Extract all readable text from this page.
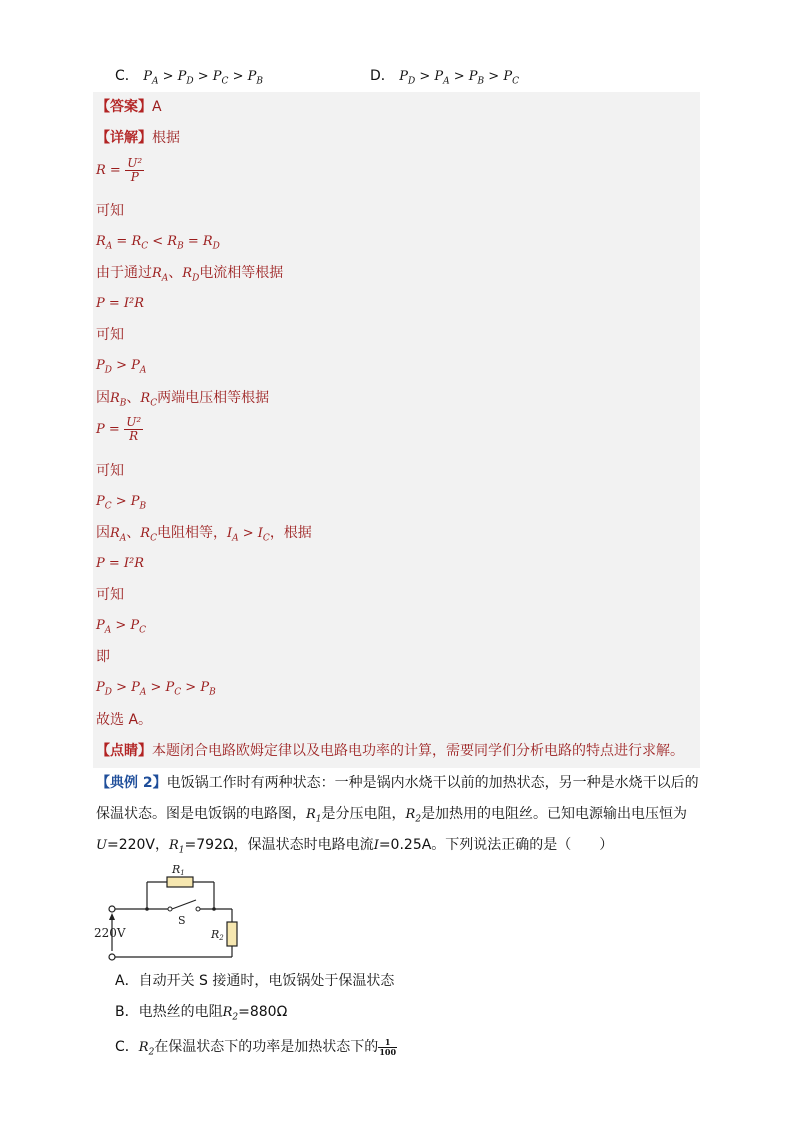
C． $P_A > P_D > P_C > P_B$	D． $P_D > P_A > P_B > P_C$
【答案】A
【详解】根据
$R = \frac{\text{U²}}{P}$
可知
$R_A = R_C < R_B = R_D$
由于通过$R_A$、$R_D$电流相等根据
P = I²R
可知
$P_D > P_A$
因$R_B$、$R_C$两端电压相等根据
$P = \frac{\text{U²}}{R}$
可知
$P_C > P_B$
因$R_A$、$R_C$电阻相等，$I_A > I_C$，根据
P = I²R
可知
$P_A > P_C$
即
$P_D > P_A > P_C > P_B$
故选 A。
【点睛】本题闭合电路欧姆定律以及电路电功率的计算，需要同学们分析电路的特点进行求解。
【典例 2】电饭锅工作时有两种状态：一种是锅内水烧干以前的加热状态，另一种是水烧干以后的
保温状态。图是电饭锅的电路图，$R_1$是分压电阻，$R_2$是加热用的电阻丝。已知电源输出电压恒为
U=220V，$R_1=792\Omega$，保温状态时电路电流I=0.25A。下列说法正确的是（　　）
R1
R2
S
220V
A．自动开关 S 接通时，电饭锅处于保温状态
B．电热丝的电阻$R_2=880\Omega$
C．$R_2$在保温状态下的功率是加热状态下的 $\frac{1}{100}$
